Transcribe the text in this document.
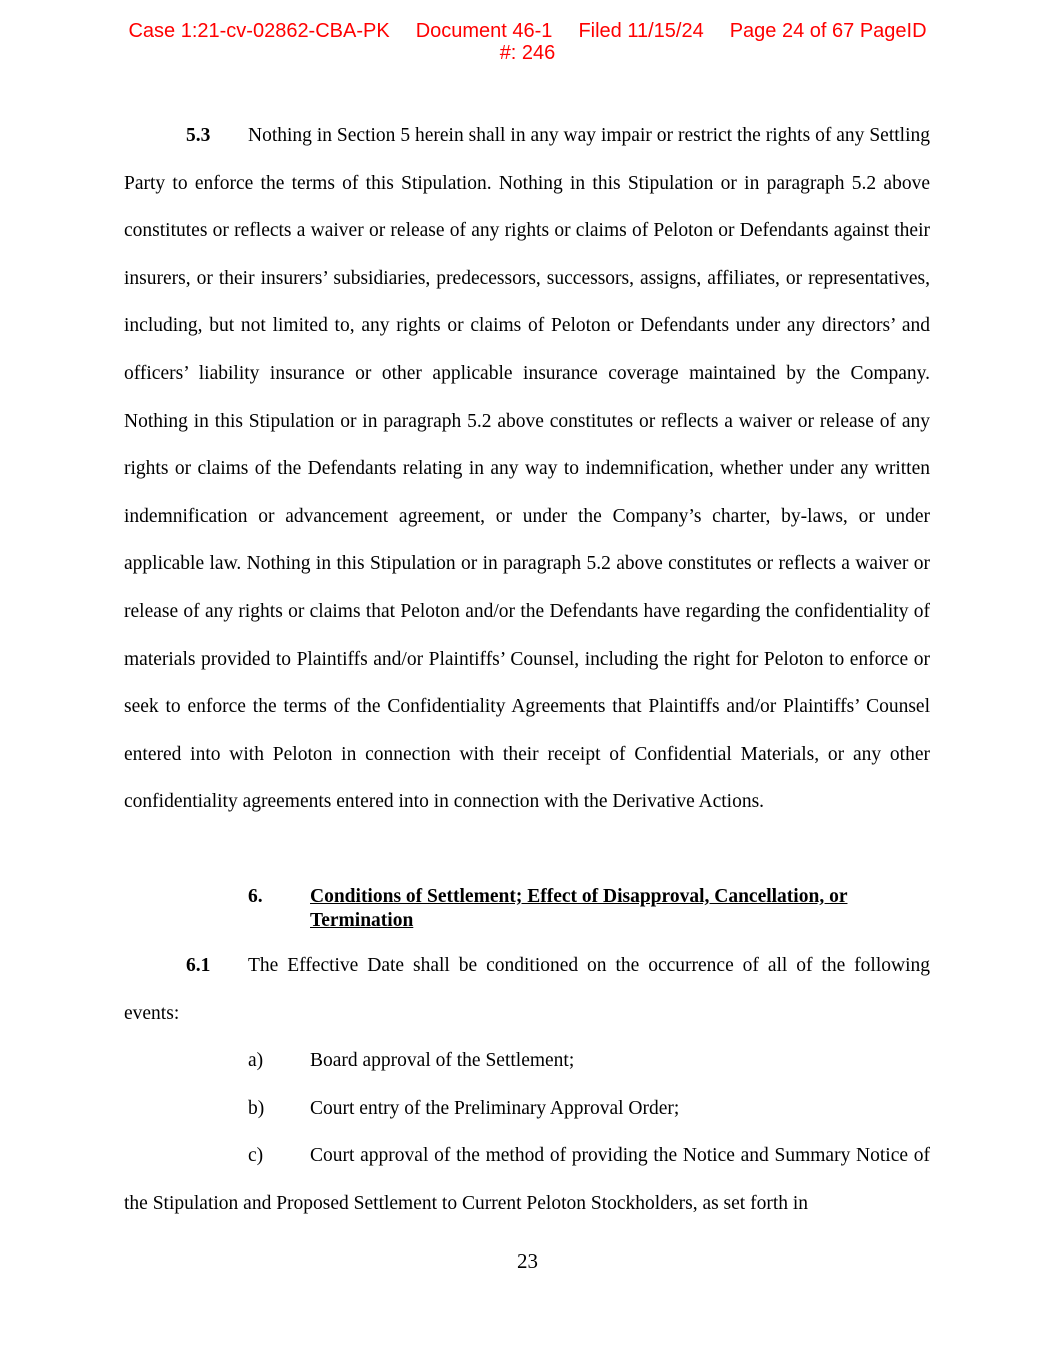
Case 1:21-cv-02862-CBA-PK Document 46-1 Filed 11/15/24 Page 24 of 67 PageID
#: 246

5.3 Nothing in Section 5 herein shall in any way impair or restrict the rights of any Settling Party to enforce the terms of this Stipulation. Nothing in this Stipulation or in paragraph 5.2 above constitutes or reflects a waiver or release of any rights or claims of Peloton or Defendants against their insurers, or their insurers’ subsidiaries, predecessors, successors, assigns, affiliates, or representatives, including, but not limited to, any rights or claims of Peloton or Defendants under any directors’ and officers’ liability insurance or other applicable insurance coverage maintained by the Company. Nothing in this Stipulation or in paragraph 5.2 above constitutes or reflects a waiver or release of any rights or claims of the Defendants relating in any way to indemnification, whether under any written indemnification or advancement agreement, or under the Company’s charter, by-laws, or under applicable law. Nothing in this Stipulation or in paragraph 5.2 above constitutes or reflects a waiver or release of any rights or claims that Peloton and/or the Defendants have regarding the confidentiality of materials provided to Plaintiffs and/or Plaintiffs’ Counsel, including the right for Peloton to enforce or seek to enforce the terms of the Confidentiality Agreements that Plaintiffs and/or Plaintiffs’ Counsel entered into with Peloton in connection with their receipt of Confidential Materials, or any other confidentiality agreements entered into in connection with the Derivative Actions.

6.	Conditions of Settlement; Effect of Disapproval, Cancellation, or Termination

6.1 The Effective Date shall be conditioned on the occurrence of all of the following events:

a) Board approval of the Settlement;
b) Court entry of the Preliminary Approval Order;

c) Court approval of the method of providing the Notice and Summary Notice of the Stipulation and Proposed Settlement to Current Peloton Stockholders, as set forth in

23
